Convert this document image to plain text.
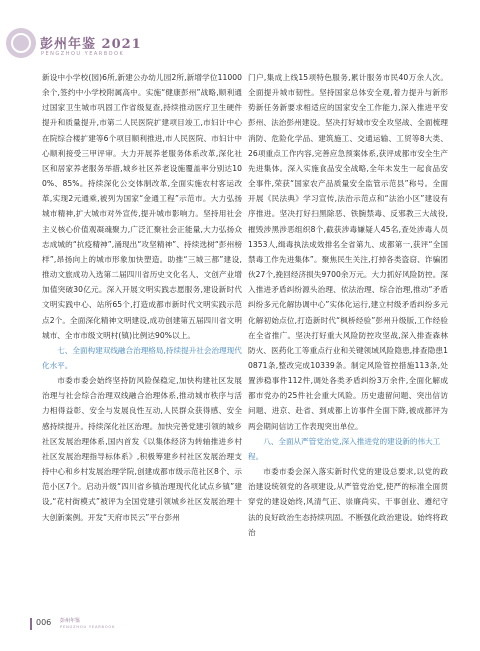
彭州年鉴 2021
PENGZHOU YEARBOOK

新设中小学校(园)6所,新建公办幼儿园2所,新增学位11000余个,签约中小学校附属高中。实施“健康彭州”战略,顺利通过国家卫生城市巩固工作省级复查,持续推动医疗卫生硬件提升和质量提升,市第二人民医院扩建项目竣工,市妇计中心在院综合楼扩建等6个项目顺利推进,市人民医院、市妇计中心顺利接受三甲评审。大力开展养老服务体系改革,深化社区和居家养老服务举措,城乡社区养老设施覆盖率分别达100%、85%。持续深化公交体制改革,全面实施农村客运改革,实现2元通乘,被列为国家“金通工程”示范市。大力弘扬城市精神,扩大城市对外宣传,提升城市影响力。坚持用社会主义核心价值观凝魂聚力,广泛汇聚社会正能量,大力弘扬众志成城的“抗疫精神”,涌现出“攻坚精神”、持续选树“彭州榜样”,昂扬向上的城市形象加快塑造。助推“三城三都”建设,推动文旅成功入选第二届四川省历史文化名人、文创产业增加值突破30亿元。深入开展文明实践志愿服务,建设新时代文明实践中心、站所65个,打造成都市新时代文明实践示范点2个。全面深化精神文明建设,成功创建第五届四川省文明城市、全市市级文明村(镇)比例达90%以上。

七、全面构建双线融合治理格局,持续提升社会治理现代化水平。

市委市委会始终坚持防风险保稳定,加快构建社区发展治理与社会综合治理双线融合治理体系,推动城市秩序与活力相得益彰、安全与发展良性互动,人民群众获得感、安全感持续提升。持续深化社区治理。加快完善党建引领的城乡社区发展治理体系,国内首发《以集体经济为转轴推进乡村社区发展治理指导标体系》,积极筹建乡村社区发展治理支持中心和乡村发展治理学院,创建成都市级示范社区8个、示范小区7个。启动升级“四川省乡镇治理现代化试点乡镇”建设,“花村街模式”被评为全国党建引领城乡社区发展治理十大创新案例。开发“天府市民云”平台彭州

门户,集成上线15项特色服务,累计服务市民40万余人次。全面提升城市韧性。坚持国家总体安全观,着力提升与新形势新任务新要求相适应的国家安全工作能力,深入推进平安彭州、法治彭州建设。坚决打好城市安全攻坚战、全面梳理消防、危险化学品、建筑施工、交通运输、工贸等8大类、26项重点工作内容,完善应急预案体系,获评成都市安全生产先进集体。深入实施食品安全战略,全年未发生一起食品安全事件,荣获“国家农产品质量安全监管示范县”称号。全面开展《民法典》学习宣传,法治示范点和“法治小区”建设有序推进。坚决打好扫黑除恶、铁腕禁毒、反邪教三大战役,摧毁涉黑涉恶组织8个,截获涉毒嫌疑人45名,查处涉毒人员1353人,缉毒执法成效排名全省第九、成都第一,获评“全国禁毒工作先进集体”。聚焦民生关注,打掉各类盗窃、诈骗团伙27个,挽回经济损失9700余万元。大力抓好风险防控。深入推进矛盾纠纷源头治理、依法治理、综合治理,推动“矛盾纠纷多元化解协调中心”实体化运行,建立村级矛盾纠纷多元化解初始点位,打造新时代“枫桥经验”彭州升级版,工作经验在全省推广。坚决打好重大风险防控攻坚战,深入排查森林防火、医药化工等重点行业和关键领域风险隐患,排查隐患10871条,整改完成10339条。制定风险管控措施113条,处置涉稳事件112件,调处各类矛盾纠纷3万余件,全面化解成都市党办的25件社会重大风险。历史遗留问题、突出信访问题、进京、赴省、到成都上访事件全面下降,被成都评为两会期间信访工作表现突出单位。

八、全面从严管党治党,深入推进党的建设新的伟大工程。

市委市委会深入落实新时代党的建设总要求,以党的政治建设统领党的各项建设,从严管党治党,使严的标准全面贯穿党的建设始终,风清气正、崇廉尚实、干事创业、遵纪守法的良好政治生态持续巩固。不断强化政治建设。始终将政治

006 彭州年鉴
PENGZHOU YEARBOOK
